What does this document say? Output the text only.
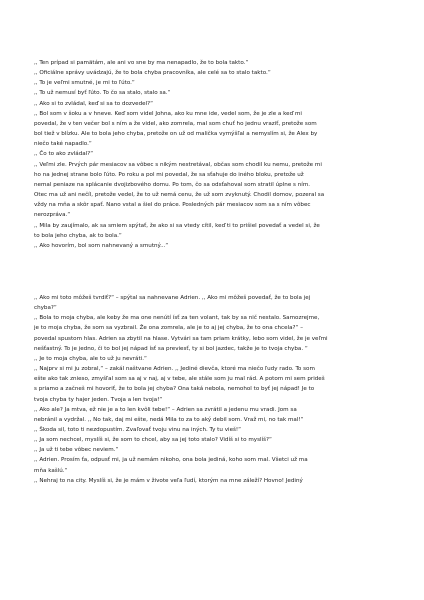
,, Ten prípad si pamätám, ale ani vo sne by ma nenapadlo, že to bola takto.“

,, Oficiálne správy uvádzajú, že to bola chyba pracovníka, ale celé sa to stalo takto.“

,, To je veľmi smutné, je mi to ľúto.“

,, To už nemusí byť ľúto. To čo sa stalo, stalo sa.“

,, Ako si to zvládal, keď si sa to dozvedel?“

,, Bol som v šoku a v hneve. Keď som videl Johna, ako ku mne ide, vedel som, že je zle a keď mi

povedal, že v ten večer bol s ním a že videl, ako zomrela, mal som chuť ho jednu vraziť, pretože som

bol tiež v blízku. Ale to bola jeho chyba, pretože on už od malička vymýšľal a nemyslím si, že Alex by

niečo také napadlo.“

,, Čo to ako zvládal?“

,, Veľmi zle. Prvých pár mesiacov sa vôbec s nikým nestretával, občas som chodil ku nemu, pretože mi

ho na jednej strane bolo ľúto. Po roku a pol mi povedal, že sa sťahuje do iného bloku, pretože už

nemal peniaze na splácanie dvojizbového domu. Po tom, čo sa odsťahoval som stratil úplne s ním.

Otec ma už ani nečíl, pretože vedel, že to už nemá cenu, že už som zvyknutý. Chodil domov, pozeral sa

vždy na mňa a skôr spať. Nano vstal a šiel do práce. Posledných pár mesiacov som sa s ním vôbec

nerozpráva.“

,, Mila by zaujímalo, ak sa smiem spýtať, že ako si sa vtedy cítil, keď ti to prišiel povedať a vedel si, že

to bola jeho chyba, ak to bola.“

,, Ako hovorím, bol som nahnevaný a smutný...“

,, Ako mi toto môžeš tvrdiť?“ – spýtal sa nahnevane Adrien. ,, Ako mi môžeš povedať, že to bola jej

chyba?“

,, Bola to moja chyba, ale keby že ma one nenútí ísť za ten volant, tak by sa nič nestalo. Samozrejme,

je to moja chyba, že som sa vyzbrail. Že ona zomrela, ale je to aj jej chyba, že to ona chcela?“ –

povedal spustom hlas. Adrien sa zbytil na hlase. Vytvári sa tam priam krátky, lebo som videl, že je veľmi

nešťastný. To je jedno, či to bol jej nápad ísť sa previesť, ty si bol jazdec, takže je to tvoja chyba. “

,, Je to moja chyba, ale to už ju nevráti.“

,, Najprv si mi ju zobral,“ – zakál naštvane Adrien. ,, Jediné dievča, ktoré ma niečo ľudy rado. To som

ešte ako tak znieso, zmyšľal som sa aj v naj, aj v tebe, ale stále som ju mal rád. A potom mi sem prideš

s priamo a začneš mi hovoriť, že to bola jej chyba? Ona taká nebola, nemohol to byť jej nápad! Je to

tvoja chyba ty hajer jeden. Tvoja a len tvoja!“

,, Ako ale? Ja mtva, ež nie je a to len kvôli tebe!“ – Adrien sa zvrátil a jedenu mu vradi. Jom sa

nebránil a vydržal. ,, No tak, daj mi ešte, nedá Mila to za to aký debil som. Vraž mi, no tak mal!“

,, Škoda sil, toto ti nezdopustím. Zvaľovať tvoju vinu na iných. Ty tu vieš!“

,, Ja som nechcel, myslíš si, že som to chcel, aby sa jej toto stalo? Vidíš si to myslíš?“

,, Ja už ti tebe vôbec neviem.“

,, Adrien. Prosím ťa, odpusť mi, ja už nemám nikoho, ona bola jediná, koho som mal. Všetci už ma

mňa kašlú.“

,, Nehraj to na city. Myslíš si, že je mám v živote veľa ľudí, ktorým na mne záleží? Hovno! Jediný
